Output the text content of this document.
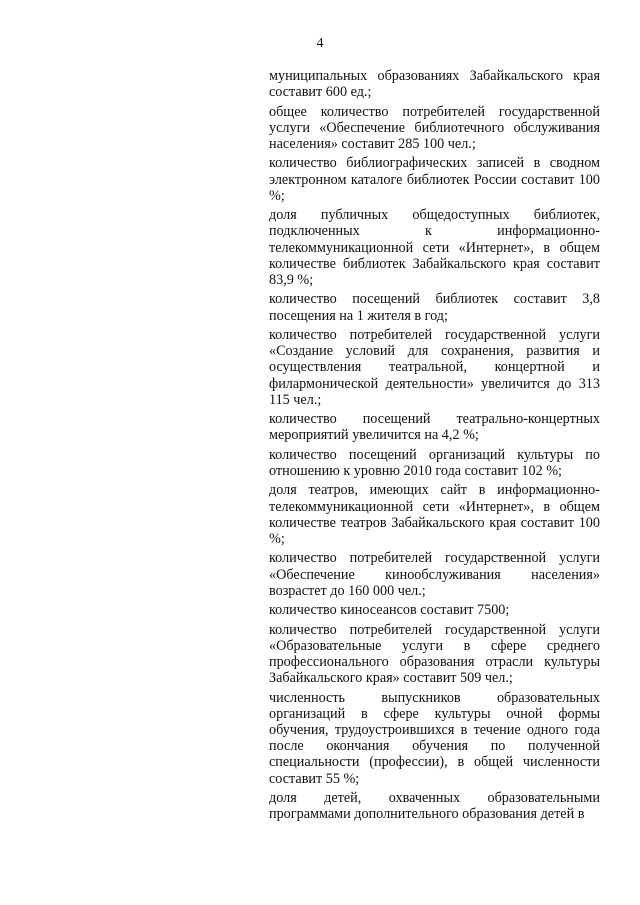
4

муниципальных образованиях Забайкальского края составит 600 ед.;

общее количество потребителей государственной услуги «Обеспечение библиотечного обслуживания населения» составит 285 100 чел.;

количество библиографических записей в сводном электронном каталоге библиотек России составит 100 %;

доля публичных общедоступных библиотек, подключенных к информационно-телекоммуникационной сети «Интернет», в общем количестве библиотек Забайкальского края составит 83,9 %;

количество посещений библиотек составит 3,8 посещения на 1 жителя в год;

количество потребителей государственной услуги «Создание условий для сохранения, развития и осуществления театральной, концертной и филармонической деятельности» увеличится до 313 115 чел.;

количество посещений театрально-концертных мероприятий увеличится на 4,2 %;

количество посещений организаций культуры по отношению к уровню 2010 года составит 102 %;

доля театров, имеющих сайт в информационно-телекоммуникационной сети «Интернет», в общем количестве театров Забайкальского края составит 100 %;

количество потребителей государственной услуги «Обеспечение кинообслуживания населения» возрастет до 160 000 чел.;

количество киносеансов составит 7500;

количество потребителей государственной услуги «Образовательные услуги в сфере среднего профессионального образования отрасли культуры Забайкальского края» составит 509 чел.;

численность выпускников образовательных организаций в сфере культуры очной формы обучения, трудоустроившихся в течение одного года после окончания обучения по полученной специальности (профессии), в общей численности составит 55 %;

доля детей, охваченных образовательными программами дополнительного образования детей в
